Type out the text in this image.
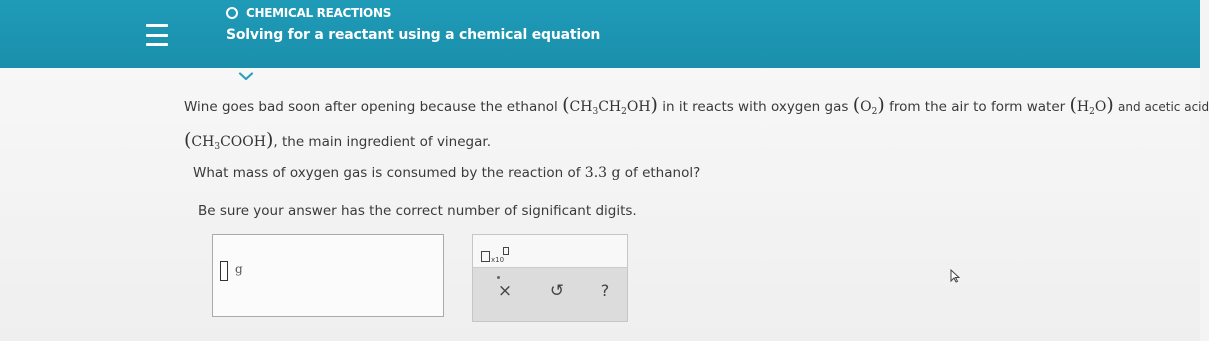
CHEMICAL REACTIONS
Solving for a reactant using a chemical equation
Wine goes bad soon after opening because the ethanol $(CH_3CH_2OH)$ in it reacts with oxygen gas $(O_2)$ from the air to form water $(H_2O)$ and acetic acid
$(CH_3COOH)$, the main ingredient of vinegar.
What mass of oxygen gas is consumed by the reaction of 3.3 g of ethanol?
Be sure your answer has the correct number of significant digits.
g
x10
× ↺	?
